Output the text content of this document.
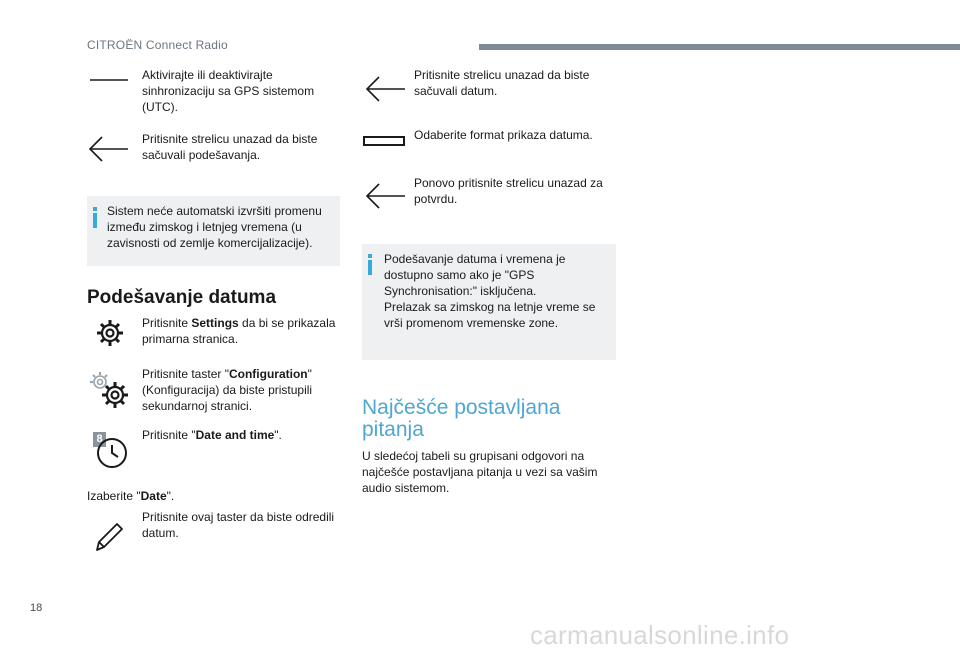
CITROËN Connect Radio
Aktivirajte ili deaktivirajte sinhronizaciju sa GPS sistemom (UTC).
Pritisnite strelicu unazad da biste sačuvali podešavanja.
Sistem neće automatski izvršiti promenu između zimskog i letnjeg vremena (u zavisnosti od zemlje komercijalizacije).
Podešavanje datuma
Pritisnite Settings da bi se prikazala primarna stranica.
Pritisnite taster "Configuration" (Konfiguracija) da biste pristupili sekundarnoj stranici.
8	Pritisnite "Date and time".
Izaberite "Date".
Pritisnite ovaj taster da biste odredili datum.
Pritisnite strelicu unazad da biste sačuvali datum.
Odaberite format prikaza datuma.
Ponovo pritisnite strelicu unazad za potvrdu.
Podešavanje datuma i vremena je dostupno samo ako je "GPS Synchronisation:" isključena.
Prelazak sa zimskog na letnje vreme se vrši promenom vremenske zone.
Najčešće postavljana pitanja
U sledećoj tabeli su grupisani odgovori na najčešće postavljana pitanja u vezi sa vašim audio sistemom.
18
carmanualsonline.info
